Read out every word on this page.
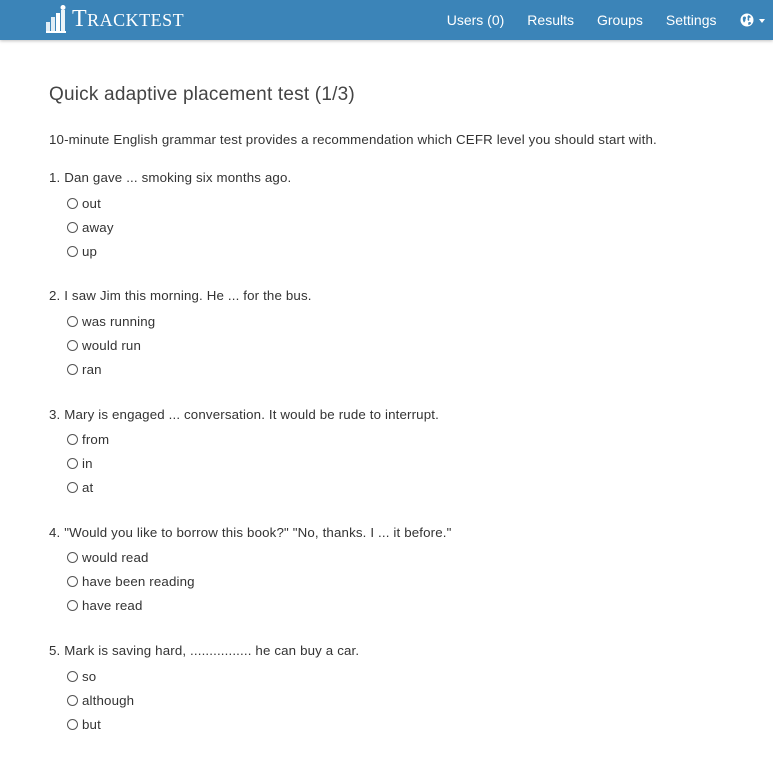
T RACKTEST	Users (0)	Results	Groups	Settings
Quick adaptive placement test (1/3)

10-minute English grammar test provides a recommendation which CEFR level you should start with.

1. Dan gave ... smoking six months ago.
out
away
up
2. I saw Jim this morning. He ... for the bus.
was running
would run
ran
3. Mary is engaged ... conversation. It would be rude to interrupt.
from
in
at
4. "Would you like to borrow this book?" "No, thanks. I ... it before."
would read
have been reading
have read
5. Mark is saving hard, ................ he can buy a car.
so
although
but
